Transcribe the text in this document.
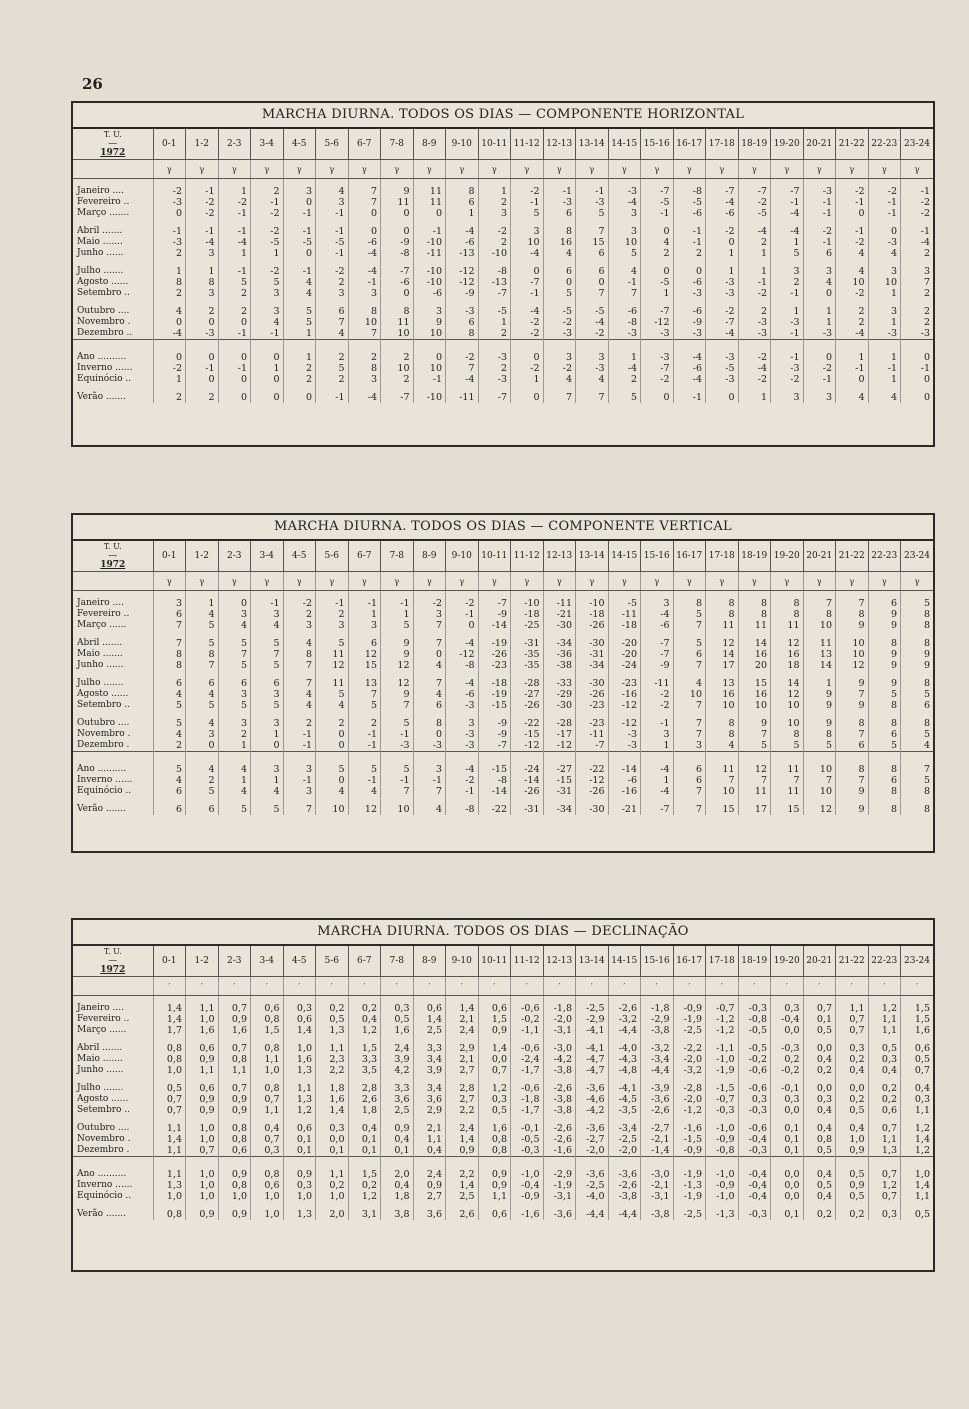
26
MARCHA DIURNA. TODOS OS DIAS — COMPONENTE HORIZONTAL
T. U.
—
1972	0-1	1-2	2-3	3-4	4-5	5-6	6-7	7-8	8-9	9-10	10-11	11-12	12-13	13-14	14-15	15-16	16-17	17-18	18-19	19-20	20-21	21-22	22-23	23-24
	γ	γ	γ	γ	γ	γ	γ	γ	γ	γ	γ	γ	γ	γ	γ	γ	γ	γ	γ	γ	γ	γ	γ	γ
Janeiro ....	-2	-1	1	2	3	4	7	9	11	8	1	-2	-1	-1	-3	-7	-8	-7	-7	-7	-3	-2	-2	-1
Fevereiro ..	-3	-2	-2	-1	0	3	7	11	11	6	2	-1	-3	-3	-4	-5	-5	-4	-2	-1	-1	-1	-1	-2
Março .......	0	-2	-1	-2	-1	-1	0	0	0	1	3	5	6	5	3	-1	-6	-6	-5	-4	-1	0	-1	-2
Abril .......	-1	-1	-1	-2	-1	-1	0	0	-1	-4	-2	3	8	7	3	0	-1	-2	-4	-4	-2	-1	0	-1
Maio .......	-3	-4	-4	-5	-5	-5	-6	-9	-10	-6	2	10	16	15	10	4	-1	0	2	1	-1	-2	-3	-4
Junho ......	2	3	1	1	0	-1	-4	-8	-11	-13	-10	-4	4	6	5	2	2	1	1	5	6	4	4	2
Julho .......	1	1	-1	-2	-1	-2	-4	-7	-10	-12	-8	0	6	6	4	0	0	1	1	3	3	4	3	3
Agosto ......	8	8	5	5	4	2	-1	-6	-10	-12	-13	-7	0	0	-1	-5	-6	-3	-1	2	4	10	10	7
Setembro ..	2	3	2	3	4	3	3	0	-6	-9	-7	-1	5	7	7	1	-3	-3	-2	-1	0	-2	1	2
Outubro ....	4	2	2	3	5	6	8	8	3	-3	-5	-4	-5	-5	-6	-7	-6	-2	2	1	1	2	3	2
Novembro .	0	0	0	4	5	7	10	11	9	6	1	-2	-2	-4	-8	-12	-9	-7	-3	-3	1	2	1	2
Dezembro ..	-4	-3	-1	-1	1	4	7	10	10	8	2	-2	-3	-2	-3	-3	-3	-4	-3	-1	-3	-4	-3	-3
Ano ..........	0	0	0	0	1	2	2	2	0	-2	-3	0	3	3	1	-3	-4	-3	-2	-1	0	1	1	0
Inverno ......	-2	-1	-1	1	2	5	8	10	10	7	2	-2	-2	-3	-4	-7	-6	-5	-4	-3	-2	-1	-1	-1
Equinócio ..	1	0	0	0	2	2	3	2	-1	-4	-3	1	4	4	2	-2	-4	-3	-2	-2	-1	0	1	0
Verão .......	2	2	0	0	0	-1	-4	-7	-10	-11	-7	0	7	7	5	0	-1	0	1	3	3	4	4	0
MARCHA DIURNA. TODOS OS DIAS — COMPONENTE VERTICAL
T. U.
—
1972	0-1	1-2	2-3	3-4	4-5	5-6	6-7	7-8	8-9	9-10	10-11	11-12	12-13	13-14	14-15	15-16	16-17	17-18	18-19	19-20	20-21	21-22	22-23	23-24
	γ	γ	γ	γ	γ	γ	γ	γ	γ	γ	γ	γ	γ	γ	γ	γ	γ	γ	γ	γ	γ	γ	γ	γ
Janeiro ....	3	1	0	-1	-2	-1	-1	-1	-2	-2	-7	-10	-11	-10	-5	3	8	8	8	8	7	7	6	5
Fevereiro ..	6	4	3	3	2	2	1	1	3	-1	-9	-18	-21	-18	-11	-4	5	8	8	8	8	8	9	8
Março ......	7	5	4	4	3	3	3	5	7	0	-14	-25	-30	-26	-18	-6	7	11	11	11	10	9	9	8
Abril .......	7	5	5	5	4	5	6	9	7	-4	-19	-31	-34	-30	-20	-7	5	12	14	12	11	10	8	8
Maio .......	8	8	7	7	8	11	12	9	0	-12	-26	-35	-36	-31	-20	-7	6	14	16	16	13	10	9	9
Junho ......	8	7	5	5	7	12	15	12	4	-8	-23	-35	-38	-34	-24	-9	7	17	20	18	14	12	9	9
Julho .......	6	6	6	6	7	11	13	12	7	-4	-18	-28	-33	-30	-23	-11	4	13	15	14	1	9	9	8
Agosto ......	4	4	3	3	4	5	7	9	4	-6	-19	-27	-29	-26	-16	-2	10	16	16	12	9	7	5	5
Setembro ..	5	5	5	5	4	4	5	7	6	-3	-15	-26	-30	-23	-12	-2	7	10	10	10	9	9	8	6
Outubro ....	5	4	3	3	2	2	2	5	8	3	-9	-22	-28	-23	-12	-1	7	8	9	10	9	8	8	8
Novembro .	4	3	2	1	-1	0	-1	-1	0	-3	-9	-15	-17	-11	-3	3	7	8	7	8	8	7	6	5
Dezembro .	2	0	1	0	-1	0	-1	-3	-3	-3	-7	-12	-12	-7	-3	1	3	4	5	5	5	6	5	4
Ano ..........	5	4	4	3	3	5	5	5	3	-4	-15	-24	-27	-22	-14	-4	6	11	12	11	10	8	8	7
Inverno ......	4	2	1	1	-1	0	-1	-1	-1	-2	-8	-14	-15	-12	-6	1	6	7	7	7	7	7	6	5
Equinócio ..	6	5	4	4	3	4	4	7	7	-1	-14	-26	-31	-26	-16	-4	7	10	11	11	10	9	8	8
Verão .......	6	6	5	5	7	10	12	10	4	-8	-22	-31	-34	-30	-21	-7	7	15	17	15	12	9	8	8
MARCHA DIURNA. TODOS OS DIAS — DECLINAÇÃO
T. U.
—
1972	0-1	1-2	2-3	3-4	4-5	5-6	6-7	7-8	8-9	9-10	10-11	11-12	12-13	13-14	14-15	15-16	16-17	17-18	18-19	19-20	20-21	21-22	22-23	23-24
	′	′	′	′	′	′	′	′	′	′	′	′	′	′	′	′	′	′	′	′	′	′	′	′
Janeiro ....	1,4	1,1	0,7	0,6	0,3	0,2	0,2	0,3	0,6	1,4	0,6	-0,6	-1,8	-2,5	-2,6	-1,8	-0,9	-0,7	-0,3	0,3	0,7	1,1	1,2	1,5
Fevereiro ..	1,4	1,0	0,9	0,8	0,6	0,5	0,4	0,5	1,4	2,1	1,5	-0,2	-2,0	-2,9	-3,2	-2,9	-1,9	-1,2	-0,8	-0,4	0,1	0,7	1,1	1,5
Março ......	1,7	1,6	1,6	1,5	1,4	1,3	1,2	1,6	2,5	2,4	0,9	-1,1	-3,1	-4,1	-4,4	-3,8	-2,5	-1,2	-0,5	0,0	0,5	0,7	1,1	1,6
Abril .......	0,8	0,6	0,7	0,8	1,0	1,1	1,5	2,4	3,3	2,9	1,4	-0,6	-3,0	-4,1	-4,0	-3,2	-2,2	-1,1	-0,5	-0,3	0,0	0,3	0,5	0,6
Maio .......	0,8	0,9	0,8	1,1	1,6	2,3	3,3	3,9	3,4	2,1	0,0	-2,4	-4,2	-4,7	-4,3	-3,4	-2,0	-1,0	-0,2	0,2	0,4	0,2	0,3	0,5
Junho ......	1,0	1,1	1,1	1,0	1,3	2,2	3,5	4,2	3,9	2,7	0,7	-1,7	-3,8	-4,7	-4,8	-4,4	-3,2	-1,9	-0,6	-0,2	0,2	0,4	0,4	0,7
Julho .......	0,5	0,6	0,7	0,8	1,1	1,8	2,8	3,3	3,4	2,8	1,2	-0,6	-2,6	-3,6	-4,1	-3,9	-2,8	-1,5	-0,6	-0,1	0,0	0,0	0,2	0,4
Agosto ......	0,7	0,9	0,9	0,7	1,3	1,6	2,6	3,6	3,6	2,7	0,3	-1,8	-3,8	-4,6	-4,5	-3,6	-2,0	-0,7	0,3	0,3	0,3	0,2	0,2	0,3
Setembro ..	0,7	0,9	0,9	1,1	1,2	1,4	1,8	2,5	2,9	2,2	0,5	-1,7	-3,8	-4,2	-3,5	-2,6	-1,2	-0,3	-0,3	0,0	0,4	0,5	0,6	1,1
Outubro ....	1,1	1,0	0,8	0,4	0,6	0,3	0,4	0,9	2,1	2,4	1,6	-0,1	-2,6	-3,6	-3,4	-2,7	-1,6	-1,0	-0,6	0,1	0,4	0,4	0,7	1,2
Novembro .	1,4	1,0	0,8	0,7	0,1	0,0	0,1	0,4	1,1	1,4	0,8	-0,5	-2,6	-2,7	-2,5	-2,1	-1,5	-0,9	-0,4	0,1	0,8	1,0	1,1	1,4
Dezembro .	1,1	0,7	0,6	0,3	0,1	0,1	0,1	0,1	0,4	0,9	0,8	-0,3	-1,6	-2,0	-2,0	-1,4	-0,9	-0,8	-0,3	0,1	0,5	0,9	1,3	1,2
Ano ..........	1,1	1,0	0,9	0,8	0,9	1,1	1,5	2,0	2,4	2,2	0,9	-1,0	-2,9	-3,6	-3,6	-3,0	-1,9	-1,0	-0,4	0,0	0,4	0,5	0,7	1,0
Inverno ......	1,3	1,0	0,8	0,6	0,3	0,2	0,2	0,4	0,9	1,4	0,9	-0,4	-1,9	-2,5	-2,6	-2,1	-1,3	-0,9	-0,4	0,0	0,5	0,9	1,2	1,4
Equinócio ..	1,0	1,0	1,0	1,0	1,0	1,0	1,2	1,8	2,7	2,5	1,1	-0,9	-3,1	-4,0	-3,8	-3,1	-1,9	-1,0	-0,4	0,0	0,4	0,5	0,7	1,1
Verão .......	0,8	0,9	0,9	1,0	1,3	2,0	3,1	3,8	3,6	2,6	0,6	-1,6	-3,6	-4,4	-4,4	-3,8	-2,5	-1,3	-0,3	0,1	0,2	0,2	0,3	0,5
